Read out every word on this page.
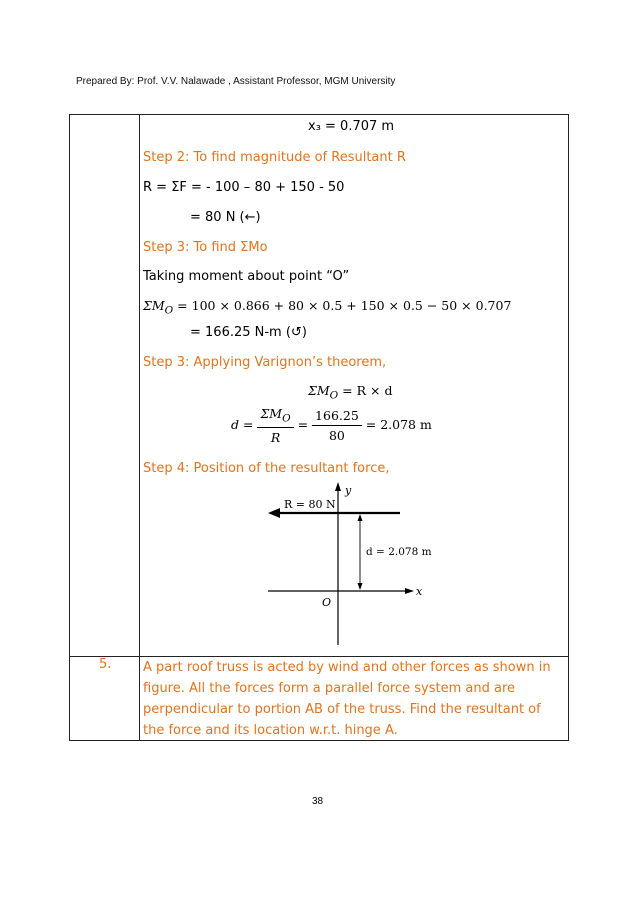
Prepared By: Prof. V.V. Nalawade , Assistant Professor, MGM University
x₃ = 0.707 m
Step 2: To find magnitude of Resultant R
R = ΣF = - 100 – 80 + 150 - 50
= 80 N (←)
Step 3: To find ΣMo
Taking moment about point “O”
$\Sigma M_O = 100 \times 0.866 + 80 \times 0.5 + 150 \times 0.5 - 50 \times 0.707$
= 166.25 N-m (↺)
Step 3: Applying Varignon’s theorem,
$\Sigma M_O = R \times d$
$d = \frac{\Sigma M_O}{R} = \frac{166.25}{80} = 2.078$ m
Step 4: Position of the resultant force,
R = 80 N
y
x
O
d = 2.078 m
5. A part roof truss is acted by wind and other forces as shown in figure. All the forces form a parallel force system and are perpendicular to portion AB of the truss. Find the resultant of the force and its location w.r.t. hinge A.
38
